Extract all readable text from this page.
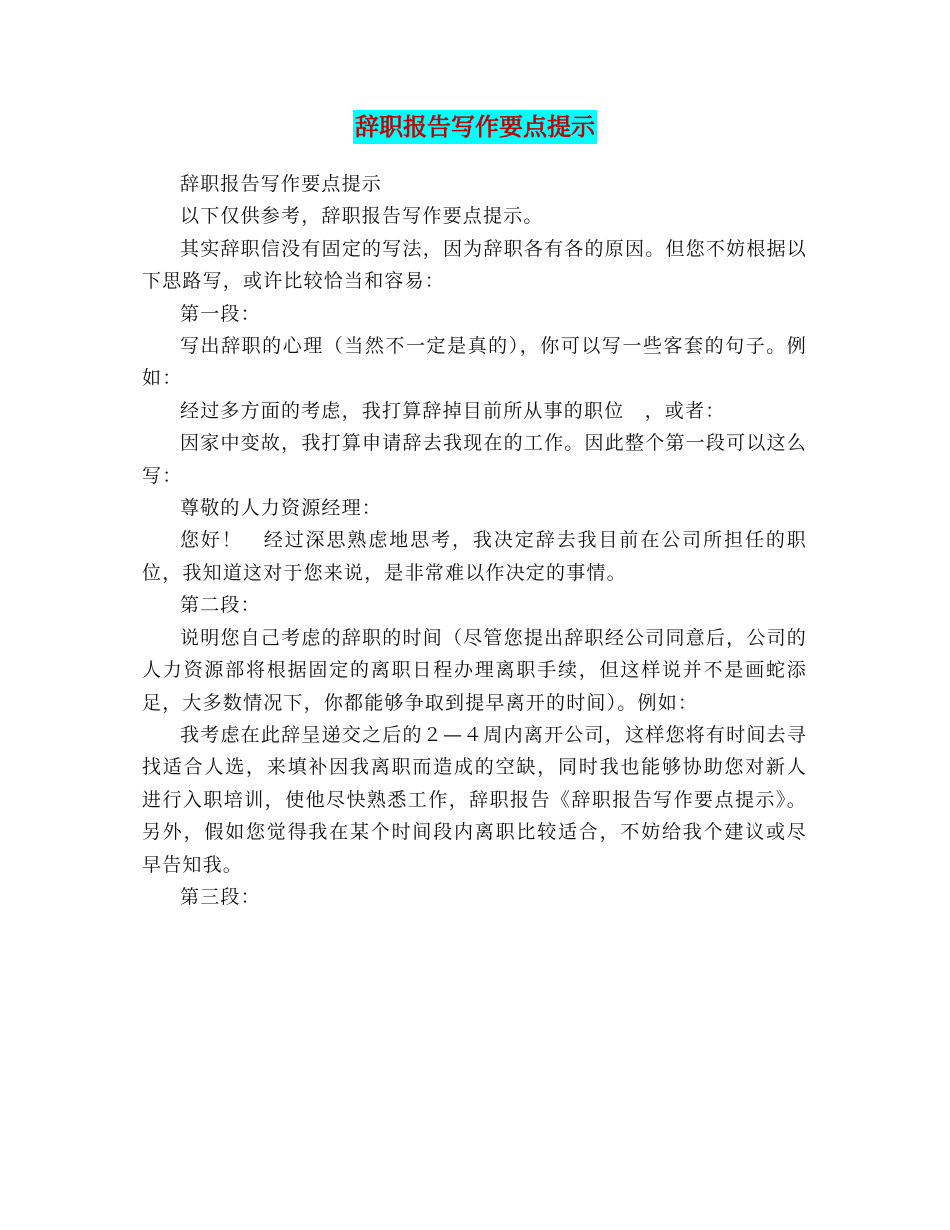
辞职报告写作要点提示

辞职报告写作要点提示

以下仅供参考，辞职报告写作要点提示。

其实辞职信没有固定的写法，因为辞职各有各的原因。但您不妨根据以下思路写，或许比较恰当和容易：

第一段：

写出辞职的心理（当然不一定是真的），你可以写一些客套的句子。例如：

经过多方面的考虑，我打算辞掉目前所从事的职位　，或者：

因家中变故，我打算申请辞去我现在的工作。因此整个第一段可以这么写：

尊敬的人力资源经理：

您好！　经过深思熟虑地思考，我决定辞去我目前在公司所担任的职位，我知道这对于您来说，是非常难以作决定的事情。

第二段：

说明您自己考虑的辞职的时间（尽管您提出辞职经公司同意后，公司的人力资源部将根据固定的离职日程办理离职手续，但这样说并不是画蛇添足，大多数情况下，你都能够争取到提早离开的时间）。例如：

我考虑在此辞呈递交之后的２—４周内离开公司，这样您将有时间去寻找适合人选，来填补因我离职而造成的空缺，同时我也能够协助您对新人进行入职培训，使他尽快熟悉工作，辞职报告《辞职报告写作要点提示》。另外，假如您觉得我在某个时间段内离职比较适合，不妨给我个建议或尽早告知我。

第三段：
